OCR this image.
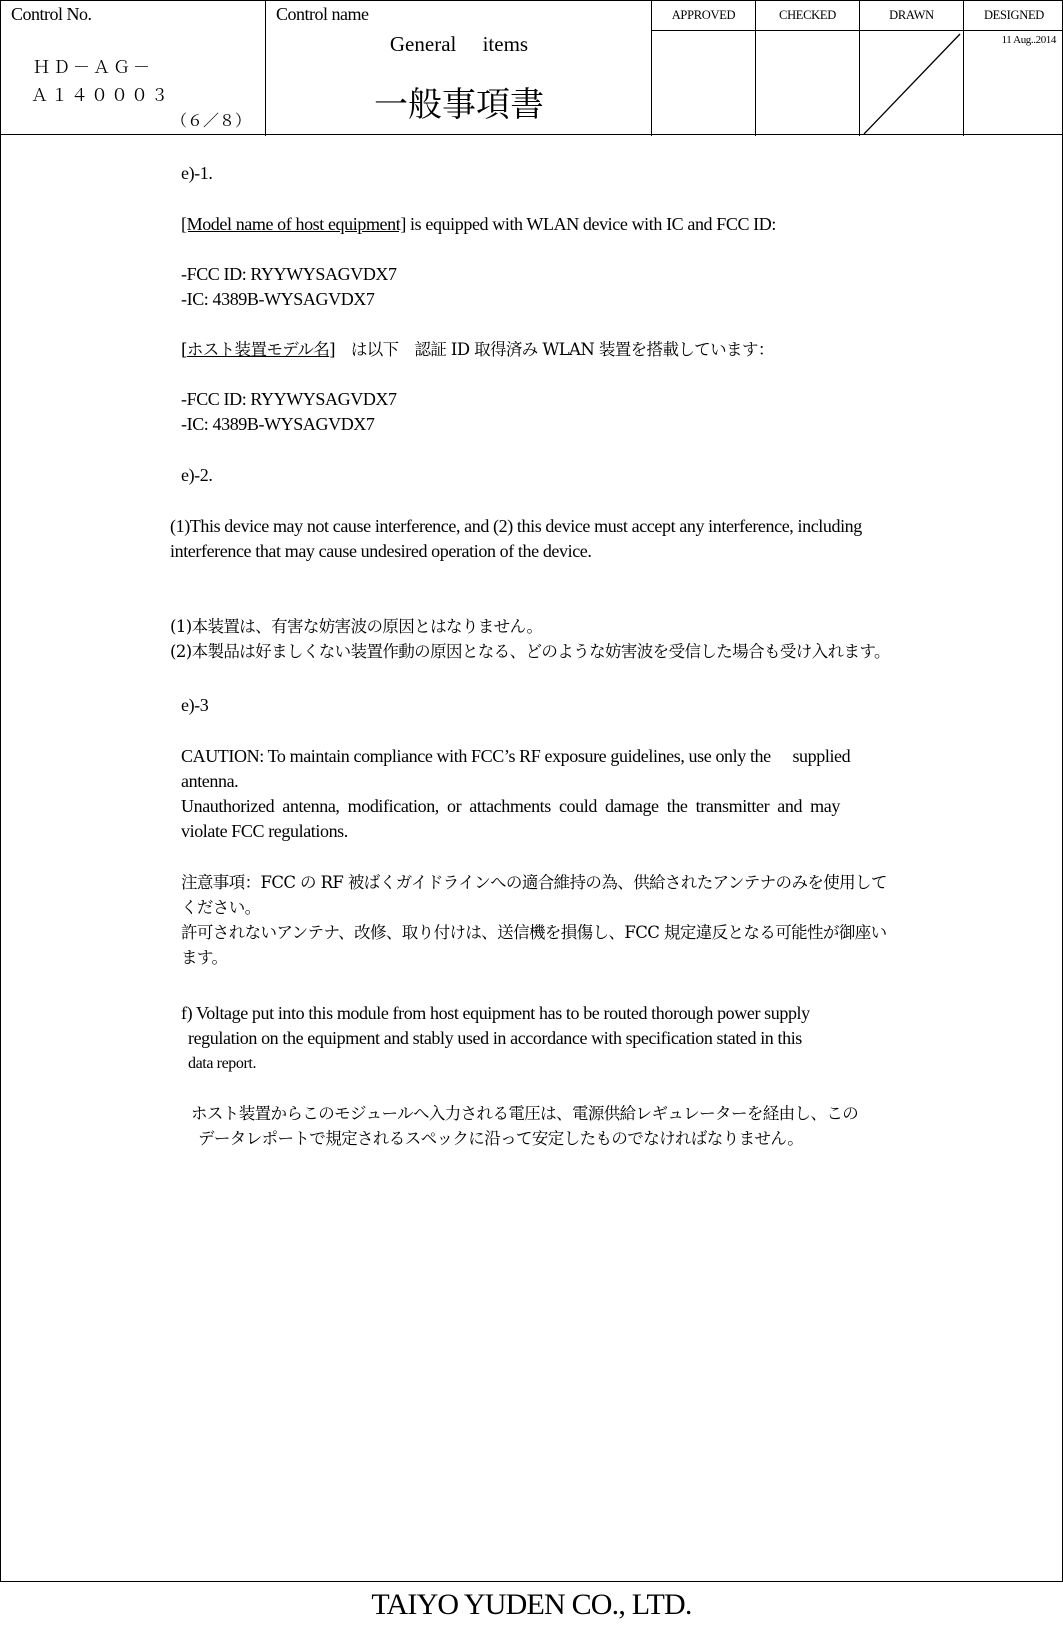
Control No.
ＨＤ－ＡＧ－
Ａ１４０００３
（６／８）
Control name
General　 items
一般事項書
APPROVED	CHECKED	DRAWN	DESIGNED
11 Aug..2014
e)-1.
[Model name of host equipment] is equipped with WLAN device with IC and FCC ID:
-FCC ID: RYYWYSAGVDX7
-IC: 4389B-WYSAGVDX7
[ホスト装置モデル名]　は以下　認証 ID 取得済み WLAN 装置を搭載しています：
-FCC ID: RYYWYSAGVDX7
-IC: 4389B-WYSAGVDX7
e)-2.
(1)This device may not cause interference, and (2) this device must accept any interference, including
interference that may cause undesired operation of the device.
(1)本装置は、有害な妨害波の原因とはなりません。
(2)本製品は好ましくない装置作動の原因となる、どのような妨害波を受信した場合も受け入れます。
e)-3
CAUTION: To maintain compliance with FCC’s RF exposure guidelines, use only the　 supplied
antenna.
Unauthorized antenna, modification, or attachments could damage the transmitter and may
violate FCC regulations.
注意事項：FCC の RF 被ばくガイドラインへの適合維持の為、供給されたアンテナのみを使用して
ください。
許可されないアンテナ、改修、取り付けは、送信機を損傷し、FCC 規定違反となる可能性が御座い
ます。
f) Voltage put into this module from host equipment has to be routed thorough power supply
regulation on the equipment and stably used in accordance with specification stated in this
data report.
ホスト装置からこのモジュールへ入力される電圧は、電源供給レギュレーターを経由し、この
データレポートで規定されるスペックに沿って安定したものでなければなりません。
TAIYO YUDEN CO., LTD.
